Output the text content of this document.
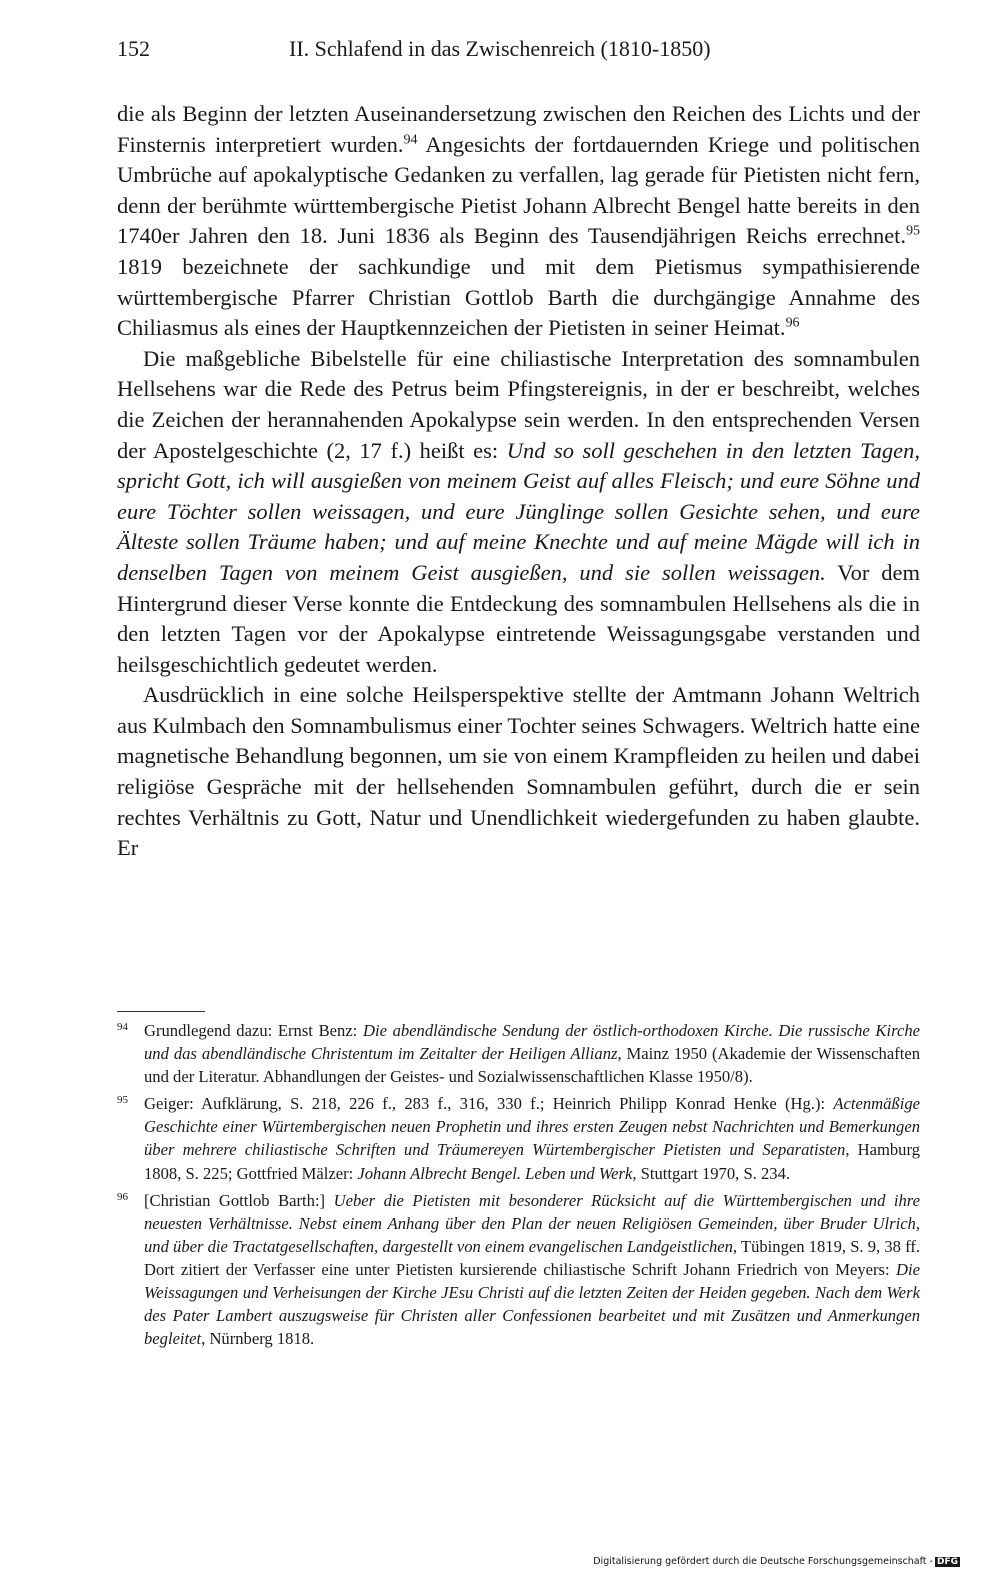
152	II. Schlafend in das Zwischenreich (1810-1850)

die als Beginn der letzten Auseinandersetzung zwischen den Reichen des Lichts und der Finsternis interpretiert wurden.$^{94}$ Angesichts der fortdauernden Kriege und politischen Umbrüche auf apokalyptische Gedanken zu verfallen, lag gerade für Pietisten nicht fern, denn der berühmte württembergische Pietist Johann Albrecht Bengel hatte bereits in den 1740er Jahren den 18. Juni 1836 als Beginn des Tausendjährigen Reichs errechnet.$^{95}$ 1819 bezeichnete der sachkundige und mit dem Pietismus sympathisierende württembergische Pfarrer Christian Gottlob Barth die durchgängige Annahme des Chiliasmus als eines der Hauptkennzeichen der Pietisten in seiner Heimat.$^{96}$

Die maßgebliche Bibelstelle für eine chiliastische Interpretation des somnambulen Hellsehens war die Rede des Petrus beim Pfingstereignis, in der er beschreibt, welches die Zeichen der herannahenden Apokalypse sein werden. In den entsprechenden Versen der Apostelgeschichte (2, 17 f.) heißt es: Und so soll geschehen in den letzten Tagen, spricht Gott, ich will ausgießen von meinem Geist auf alles Fleisch; und eure Söhne und eure Töchter sollen weissagen, und eure Jünglinge sollen Gesichte sehen, und eure Älteste sollen Träume haben; und auf meine Knechte und auf meine Mägde will ich in denselben Tagen von meinem Geist ausgießen, und sie sollen weissagen. Vor dem Hintergrund dieser Verse konnte die Entdeckung des somnambulen Hellsehens als die in den letzten Tagen vor der Apokalypse eintretende Weissagungsgabe verstanden und heilsgeschichtlich gedeutet werden.

Ausdrücklich in eine solche Heilsperspektive stellte der Amtmann Johann Weltrich aus Kulmbach den Somnambulismus einer Tochter seines Schwagers. Weltrich hatte eine magnetische Behandlung begonnen, um sie von einem Krampfleiden zu heilen und dabei religiöse Gespräche mit der hellsehenden Somnambulen geführt, durch die er sein rechtes Verhältnis zu Gott, Natur und Unendlichkeit wiedergefunden zu haben glaubte. Er

94 Grundlegend dazu: Ernst Benz: Die abendländische Sendung der östlich-orthodoxen Kirche. Die russische Kirche und das abendländische Christentum im Zeitalter der Heiligen Allianz, Mainz 1950 (Akademie der Wissenschaften und der Literatur. Abhandlungen der Geistes- und Sozialwissenschaftlichen Klasse 1950/8).
95 Geiger: Aufklärung, S. 218, 226 f., 283 f., 316, 330 f.; Heinrich Philipp Konrad Henke (Hg.): Actenmäßige Geschichte einer Würtembergischen neuen Prophetin und ihres ersten Zeugen nebst Nachrichten und Bemerkungen über mehrere chiliastische Schriften und Träumereyen Würtembergischer Pietisten und Separatisten, Hamburg 1808, S. 225; Gottfried Mälzer: Johann Albrecht Bengel. Leben und Werk, Stuttgart 1970, S. 234.
96 [Christian Gottlob Barth:] Ueber die Pietisten mit besonderer Rücksicht auf die Württembergischen und ihre neuesten Verhältnisse. Nebst einem Anhang über den Plan der neuen Religiösen Gemeinden, über Bruder Ulrich, und über die Tractatgesellschaften, dargestellt von einem evangelischen Landgeistlichen, Tübingen 1819, S. 9, 38 ff. Dort zitiert der Verfasser eine unter Pietisten kursierende chiliastische Schrift Johann Friedrich von Meyers: Die Weissagungen und Verheisungen der Kirche JEsu Christi auf die letzten Zeiten der Heiden gegeben. Nach dem Werk des Pater Lambert auszugsweise für Christen aller Confessionen bearbeitet und mit Zusätzen und Anmerkungen begleitet, Nürnberg 1818.
Digitalisierung gefördert durch die Deutsche Forschungsgemeinschaft - DFG
